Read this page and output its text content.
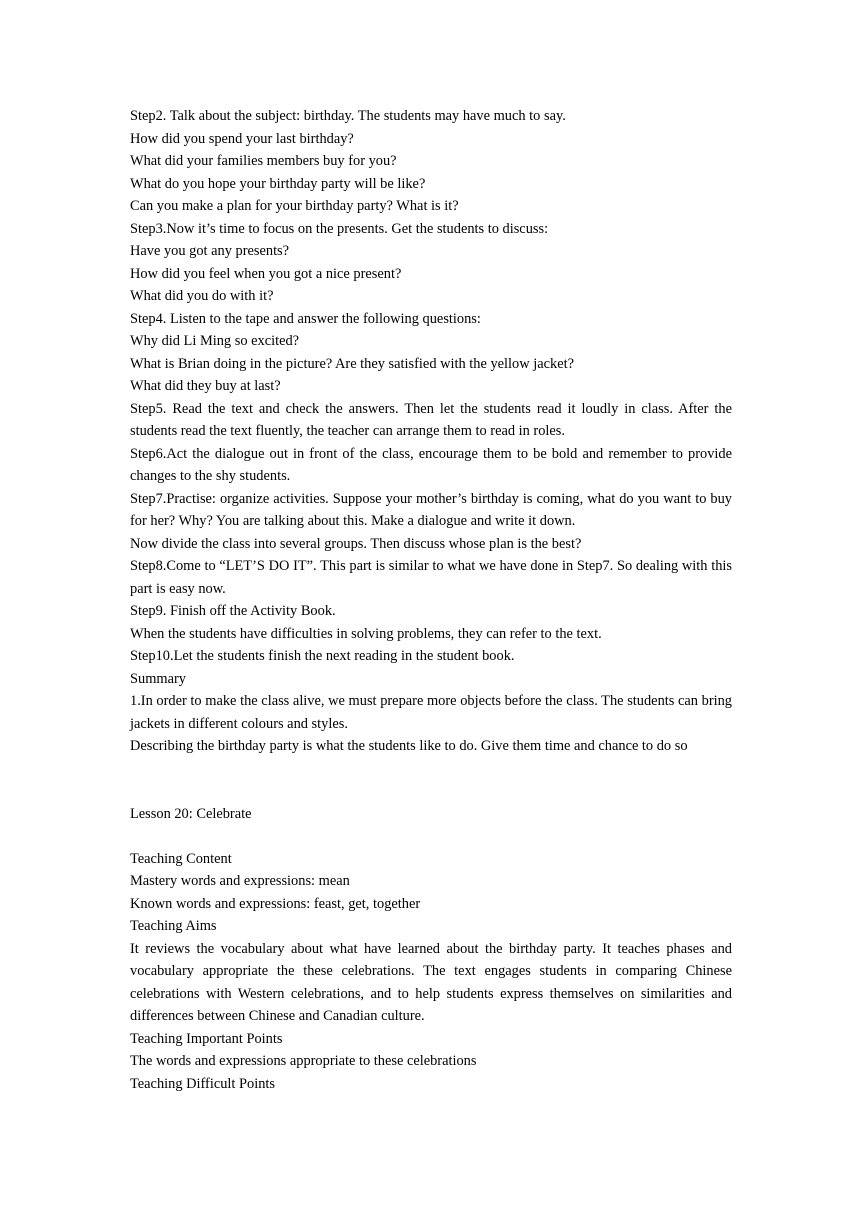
Step2. Talk about the subject: birthday. The students may have much to say.

How did you spend your last birthday?

What did your families members buy for you?

What do you hope your birthday party will be like?

Can you make a plan for your birthday party? What is it?

Step3.Now it’s time to focus on the presents. Get the students to discuss:

Have you got any presents?

How did you feel when you got a nice present?

What did you do with it?

Step4. Listen to the tape and answer the following questions:

Why did Li Ming so excited?

What is Brian doing in the picture? Are they satisfied with the yellow jacket?

What did they buy at last?

Step5. Read the text and check the answers. Then let the students read it loudly in class. After the students read the text fluently, the teacher can arrange them to read in roles.

Step6.Act the dialogue out in front of the class, encourage them to be bold and remember to provide changes to the shy students.

Step7.Practise: organize activities. Suppose your mother’s birthday is coming, what do you want to buy for her? Why? You are talking about this. Make a dialogue and write it down.

Now divide the class into several groups. Then discuss whose plan is the best?

Step8.Come to “LET’S DO IT”. This part is similar to what we have done in Step7. So dealing with this part is easy now.

Step9. Finish off the Activity Book.

When the students have difficulties in solving problems, they can refer to the text.

Step10.Let the students finish the next reading in the student book.

Summary

1.In order to make the class alive, we must prepare more objects before the class. The students can bring jackets in different colours and styles.

Describing the birthday party is what the students like to do. Give them time and chance to do so

Lesson 20: Celebrate

Teaching Content

Mastery words and expressions: mean

Known words and expressions: feast, get, together

Teaching Aims

It reviews the vocabulary about what have learned about the birthday party. It teaches phases and vocabulary appropriate the these celebrations. The text engages students in comparing Chinese celebrations with Western celebrations, and to help students express themselves on similarities and differences between Chinese and Canadian culture.

Teaching Important Points

The words and expressions appropriate to these celebrations

Teaching Difficult Points
